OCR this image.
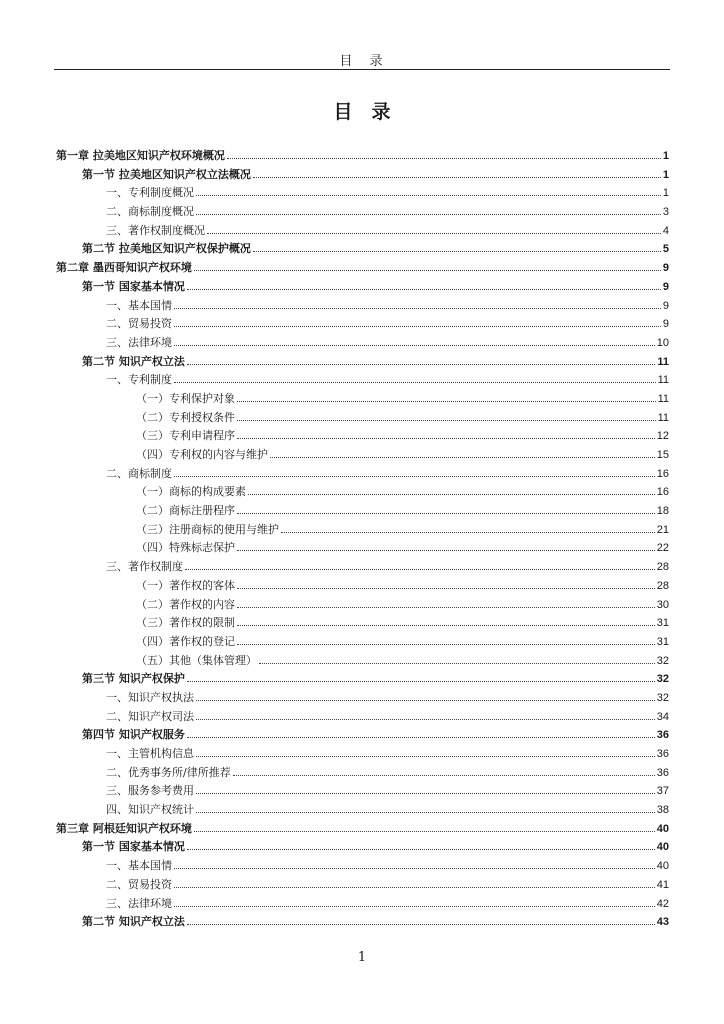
目　录
目　录
第一章 拉美地区知识产权环境概况	1
第一节 拉美地区知识产权立法概况	1
一、专利制度概况	1
二、商标制度概况	3
三、著作权制度概况	4
第二节 拉美地区知识产权保护概况	5
第二章 墨西哥知识产权环境	9
第一节 国家基本情况	9
一、基本国情	9
二、贸易投资	9
三、法律环境	10
第二节 知识产权立法	11
一、专利制度	11
（一）专利保护对象	11
（二）专利授权条件	11
（三）专利申请程序	12
（四）专利权的内容与维护	15
二、商标制度	16
（一）商标的构成要素	16
（二）商标注册程序	18
（三）注册商标的使用与维护	21
（四）特殊标志保护	22
三、著作权制度	28
（一）著作权的客体	28
（二）著作权的内容	30
（三）著作权的限制	31
（四）著作权的登记	31
（五）其他（集体管理）	32
第三节 知识产权保护	32
一、知识产权执法	32
二、知识产权司法	34
第四节 知识产权服务	36
一、主管机构信息	36
二、优秀事务所/律所推荐	36
三、服务参考费用	37
四、知识产权统计	38
第三章 阿根廷知识产权环境	40
第一节 国家基本情况	40
一、基本国情	40
二、贸易投资	41
三、法律环境	42
第二节 知识产权立法	43
1
